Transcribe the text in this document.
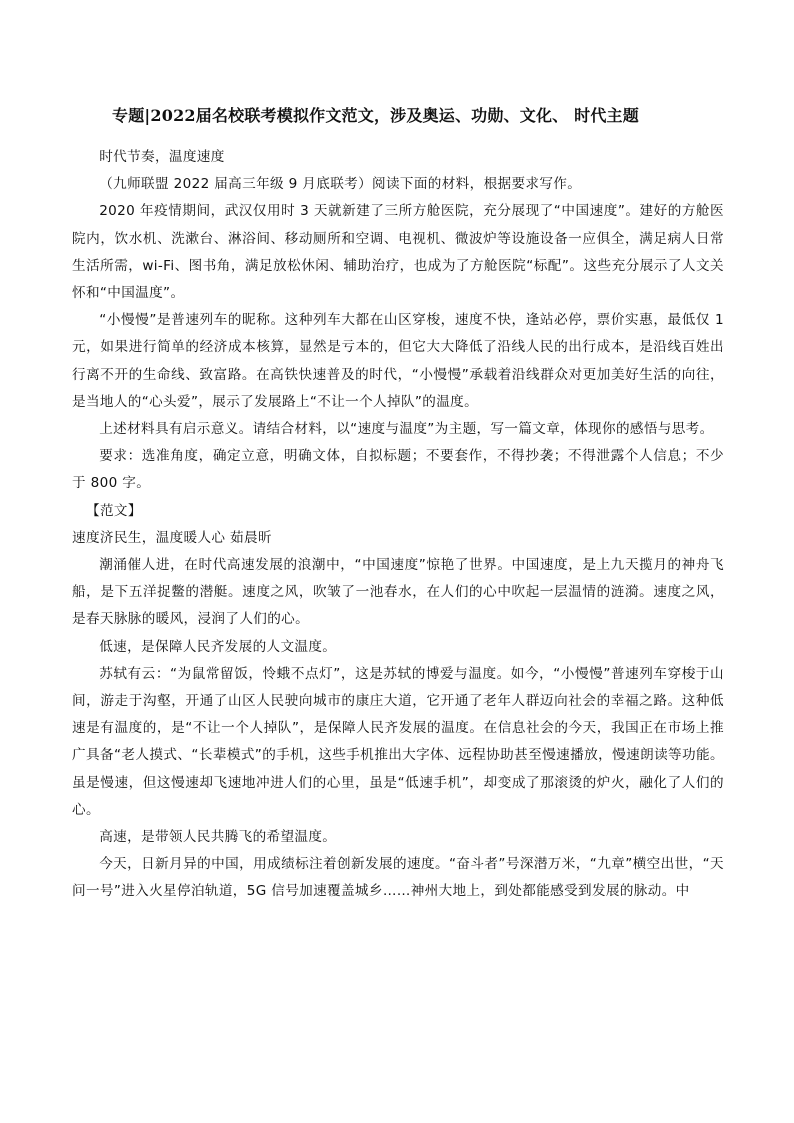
专题|2022届名校联考模拟作文范文，涉及奥运、功勋、文化、 时代主题

时代节奏，温度速度

（九师联盟 2022 届高三年级 9 月底联考）阅读下面的材料，根据要求写作。

2020 年疫情期间，武汉仅用时 3 天就新建了三所方舱医院，充分展现了“中国速度”。建好的方舱医院内，饮水机、洗漱台、淋浴间、移动厕所和空调、电视机、微波炉等设施设备一应俱全，满足病人日常生活所需，wi-Fi、图书角，满足放松休闲、辅助治疗，也成为了方舱医院“标配”。这些充分展示了人文关怀和“中国温度”。

“小慢慢”是普速列车的昵称。这种列车大都在山区穿梭，速度不快，逢站必停，票价实惠，最低仅 1 元，如果进行简单的经济成本核算，显然是亏本的，但它大大降低了沿线人民的出行成本，是沿线百姓出行离不开的生命线、致富路。在高铁快速普及的时代，“小慢慢”承载着沿线群众对更加美好生活的向往，是当地人的“心头爱”，展示了发展路上“不让一个人掉队”的温度。

上述材料具有启示意义。请结合材料，以“速度与温度”为主题，写一篇文章，体现你的感悟与思考。

要求：选准角度，确定立意，明确文体，自拟标题；不要套作，不得抄袭；不得泄露个人信息；不少于 800 字。

【范文】

速度济民生，温度暖人心 茹晨昕

潮涌催人进，在时代高速发展的浪潮中，“中国速度”惊艳了世界。中国速度，是上九天揽月的神舟飞船，是下五洋捉鳖的潜艇。速度之风，吹皱了一池春水，在人们的心中吹起一层温情的涟漪。速度之风，是春天脉脉的暖风，浸润了人们的心。

低速，是保障人民齐发展的人文温度。

苏轼有云：“为鼠常留饭，怜蛾不点灯”，这是苏轼的博爱与温度。如今，“小慢慢”普速列车穿梭于山间，游走于沟壑，开通了山区人民驶向城市的康庄大道，它开通了老年人群迈向社会的幸福之路。这种低速是有温度的，是“不让一个人掉队”，是保障人民齐发展的温度。在信息社会的今天，我国正在市场上推广具备“老人摸式、“长辈模式”的手机，这些手机推出大字体、远程协助甚至慢速播放，慢速朗读等功能。虽是慢速，但这慢速却飞速地冲进人们的心里，虽是“低速手机”，却变成了那滚烫的炉火，融化了人们的心。

高速，是带领人民共腾飞的希望温度。

今天，日新月异的中国，用成绩标注着创新发展的速度。“奋斗者”号深潜万米，“九章”横空出世，“天问一号”进入火星停泊轨道，5G 信号加速覆盖城乡……神州大地上，到处都能感受到发展的脉动。中
